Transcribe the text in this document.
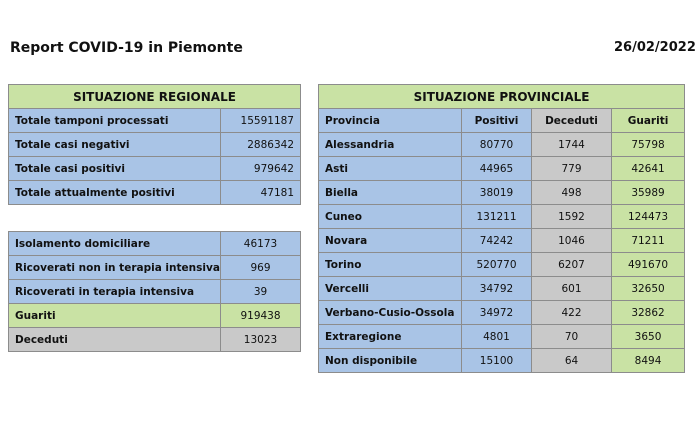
Report COVID-19 in Piemonte	26/02/2022
SITUAZIONE REGIONALE	
Totale tamponi processati	15591187
Totale casi negativi	2886342
Totale casi positivi	979642
Totale attualmente positivi	47181
Isolamento domiciliare	46173
Ricoverati non in terapia intensiva	969
Ricoverati in terapia intensiva	39
Guariti	919438
Deceduti	13023
SITUAZIONE PROVINCIALE			
Provincia	Positivi	Deceduti	Guariti
Alessandria	80770	1744	75798
Asti	44965	779	42641
Biella	38019	498	35989
Cuneo	131211	1592	124473
Novara	74242	1046	71211
Torino	520770	6207	491670
Vercelli	34792	601	32650
Verbano-Cusio-Ossola	34972	422	32862
Extraregione	4801	70	3650
Non disponibile	15100	64	8494
